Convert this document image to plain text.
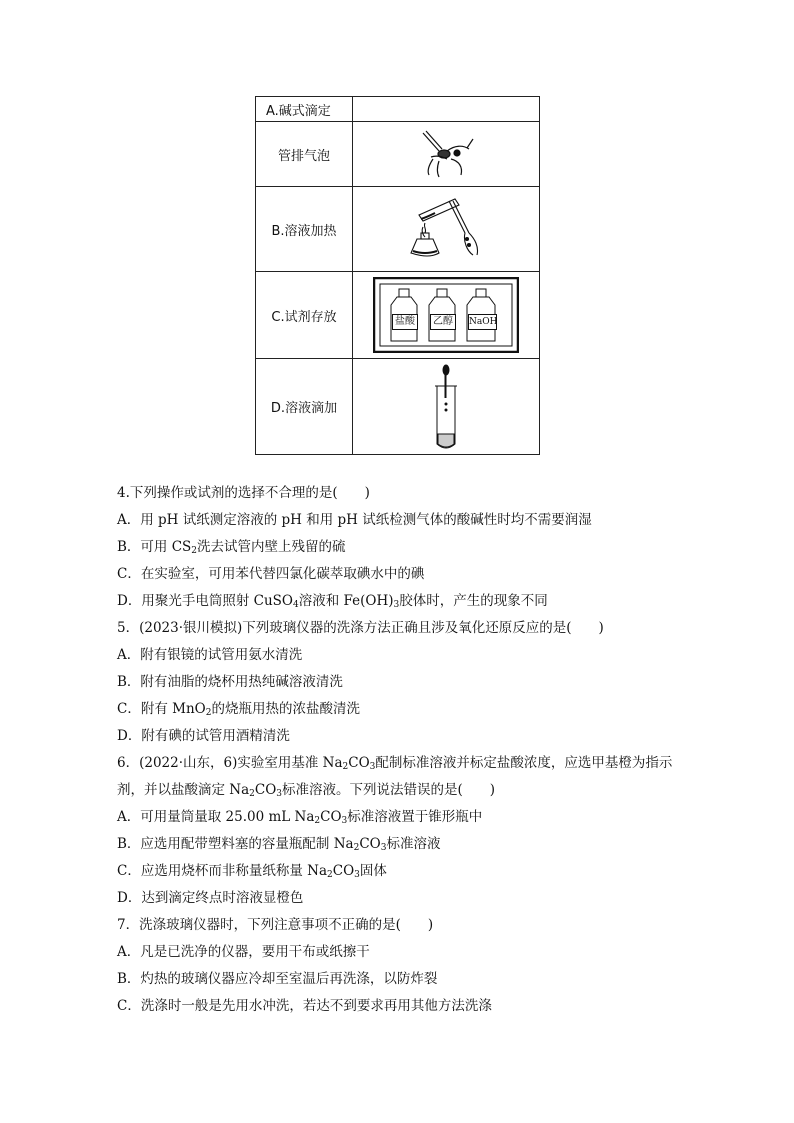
A.碱式滴定	
管排气泡	

B.溶液加热	

C.试剂存放	盐酸 乙醇 NaOH

D.溶液滴加	
4.下列操作或试剂的选择不合理的是(　　)
A．用 pH 试纸测定溶液的 pH 和用 pH 试纸检测气体的酸碱性时均不需要润湿
B．可用 $CS_2$洗去试管内壁上残留的硫
C．在实验室，可用苯代替四氯化碳萃取碘水中的碘
D．用聚光手电筒照射 CuSO$_4$溶液和 $Fe(OH)_3$胶体时，产生的现象不同
5．(2023·银川模拟)下列玻璃仪器的洗涤方法正确且涉及氧化还原反应的是(　　)
A．附有银镜的试管用氨水清洗
B．附有油脂的烧杯用热纯碱溶液清洗
C．附有 MnO$_2$的烧瓶用热的浓盐酸清洗
D．附有碘的试管用酒精清洗
6．(2022·山东，6)实验室用基准 $Na_2CO_3$配制标准溶液并标定盐酸浓度，应选甲基橙为指示
剂，并以盐酸滴定 $Na_2CO_3$标准溶液。下列说法错误的是(　　)
A．可用量筒量取 25.00 mL $Na_2CO_3$标准溶液置于锥形瓶中
B．应选用配带塑料塞的容量瓶配制 $Na_2CO_3$标准溶液
C．应选用烧杯而非称量纸称量 $Na_2CO_3$固体
D．达到滴定终点时溶液显橙色
7．洗涤玻璃仪器时，下列注意事项不正确的是(　　)
A．凡是已洗净的仪器，要用干布或纸擦干
B．灼热的玻璃仪器应冷却至室温后再洗涤，以防炸裂
C．洗涤时一般是先用水冲洗，若达不到要求再用其他方法洗涤
